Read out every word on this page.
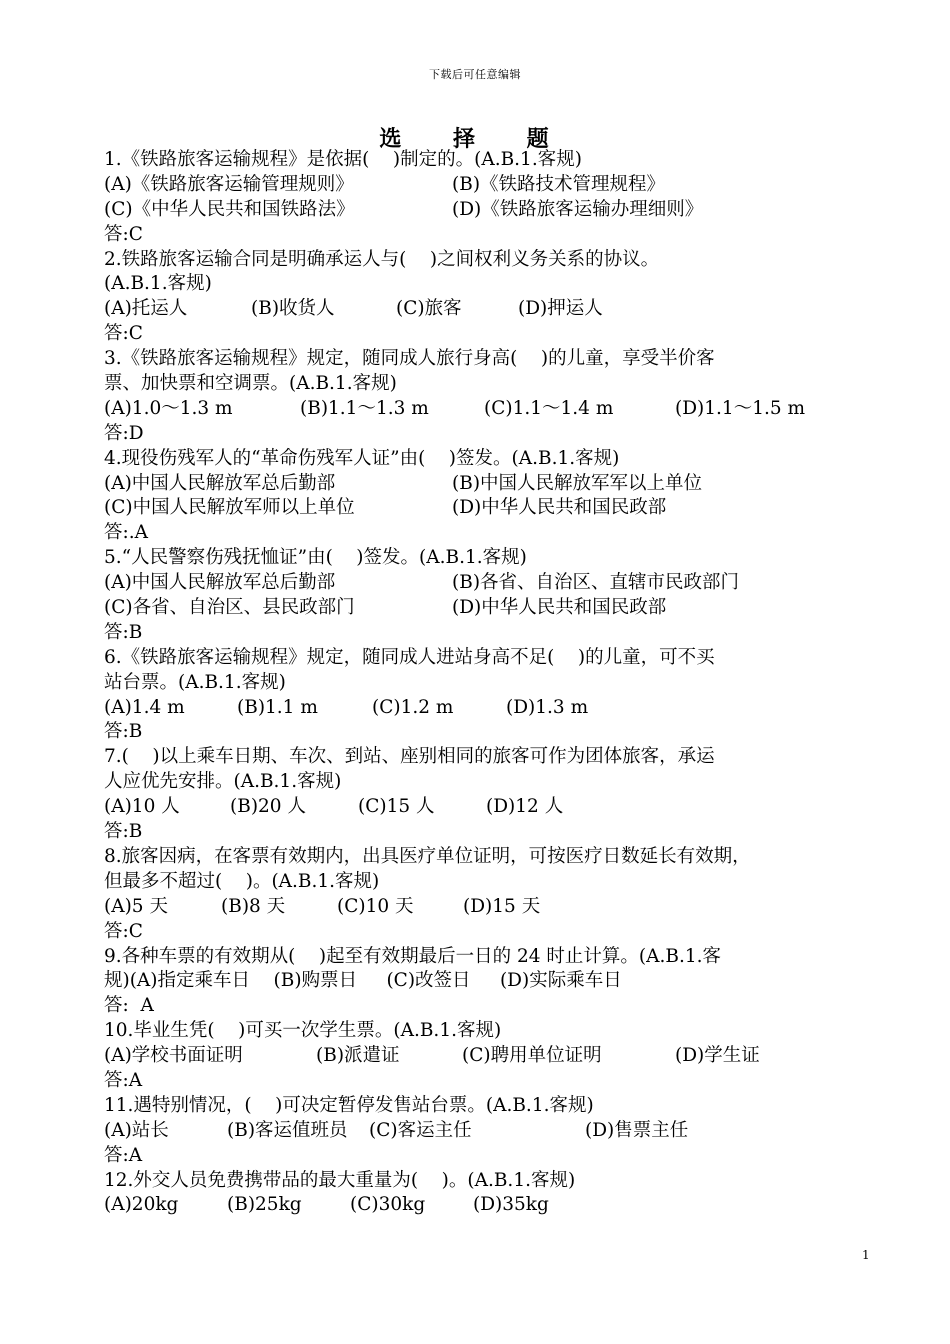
下载后可任意编辑
选 择 题
1.《铁路旅客运输规程》是依据(    )制定的。(A.B.1.客规)
(A)《铁路旅客运输管理规则》	(B)《铁路技术管理规程》
(C)《中华人民共和国铁路法》	(D)《铁路旅客运输办理细则》
答:C
2.铁路旅客运输合同是明确承运人与(    )之间权利义务关系的协议。
(A.B.1.客规)
(A)托运人	(B)收货人	(C)旅客	(D)押运人
答:C
3.《铁路旅客运输规程》规定，随同成人旅行身高(    )的儿童，享受半价客
票、加快票和空调票。(A.B.1.客规)
(A)1.0～1.3 m	(B)1.1～1.3 m	(C)1.1～1.4 m	(D)1.1～1.5 m
答:D
4.现役伤残军人的“革命伤残军人证”由(    )签发。(A.B.1.客规)
(A)中国人民解放军总后勤部	(B)中国人民解放军军以上单位
(C)中国人民解放军师以上单位	(D)中华人民共和国民政部
答:.A
5.“人民警察伤残抚恤证”由(    )签发。(A.B.1.客规)
(A)中国人民解放军总后勤部	(B)各省、自治区、直辖市民政部门
(C)各省、自治区、县民政部门	(D)中华人民共和国民政部
答:B
6.《铁路旅客运输规程》规定，随同成人进站身高不足(    )的儿童，可不买
站台票。(A.B.1.客规)
(A)1.4 m	(B)1.1 m	(C)1.2 m	(D)1.3 m
答:B
7.(    )以上乘车日期、车次、到站、座别相同的旅客可作为团体旅客，承运
人应优先安排。(A.B.1.客规)
(A)10 人	(B)20 人	(C)15 人	(D)12 人
答:B
8.旅客因病，在客票有效期内，出具医疗单位证明，可按医疗日数延长有效期，
但最多不超过(    )。(A.B.1.客规)
(A)5 天	(B)8 天	(C)10 天	(D)15 天
答:C
9.各种车票的有效期从(    )起至有效期最后一日的 24 时止计算。(A.B.1.客
规)(A)指定乘车日    (B)购票日     (C)改签日     (D)实际乘车日
答:  A
10.毕业生凭(    )可买一次学生票。(A.B.1.客规)
(A)学校书面证明	(B)派遣证	(C)聘用单位证明	(D)学生证
答:A
11.遇特别情况，(    )可决定暂停发售站台票。(A.B.1.客规)
(A)站长	(B)客运值班员	(C)客运主任	(D)售票主任
答:A
12.外交人员免费携带品的最大重量为(    )。(A.B.1.客规)
(A)20kg	(B)25kg	(C)30kg	(D)35kg
1
